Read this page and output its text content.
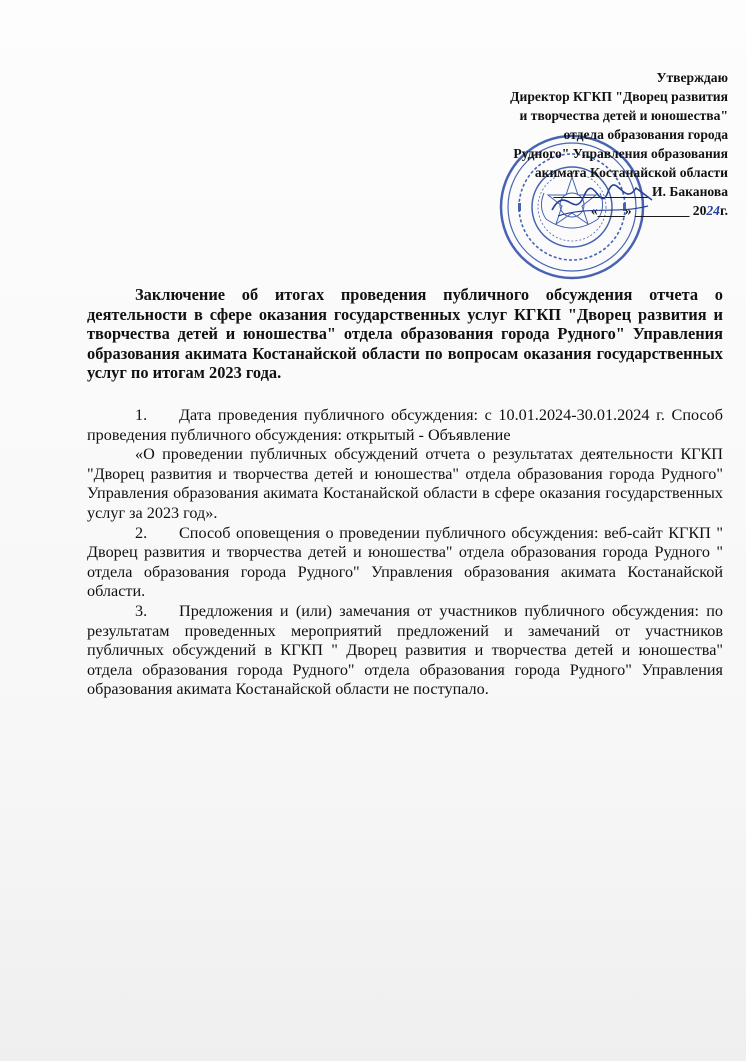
Утверждаю
Директор КГКП "Дворец развития
и творчества детей и юношества"
отдела образования города
Рудного" Управления образования
акимата Костанайской области
______________ И. Баканова
«____» ________ 2024г.
Заключение об итогах проведения публичного обсуждения отчета о деятельности в сфере оказания государственных услуг КГКП "Дворец развития и творчества детей и юношества" отдела образования города Рудного" Управления образования акимата Костанайской области по вопросам оказания государственных услуг по итогам 2023 года.

1. Дата проведения публичного обсуждения: с 10.01.2024-30.01.2024 г. Способ проведения публичного обсуждения: открытый - Объявление

«О проведении публичных обсуждений отчета о результатах деятельности КГКП "Дворец развития и творчества детей и юношества" отдела образования города Рудного" Управления образования акимата Костанайской области в сфере оказания государственных услуг за 2023 год».

2. Способ оповещения о проведении публичного обсуждения: веб-сайт КГКП " Дворец развития и творчества детей и юношества" отдела образования города Рудного " отдела образования города Рудного" Управления образования акимата Костанайской области.

3. Предложения и (или) замечания от участников публичного обсуждения: по результатам проведенных мероприятий предложений и замечаний от участников публичных обсуждений в КГКП " Дворец развития и творчества детей и юношества" отдела образования города Рудного" отдела образования города Рудного" Управления образования акимата Костанайской области не поступало.
